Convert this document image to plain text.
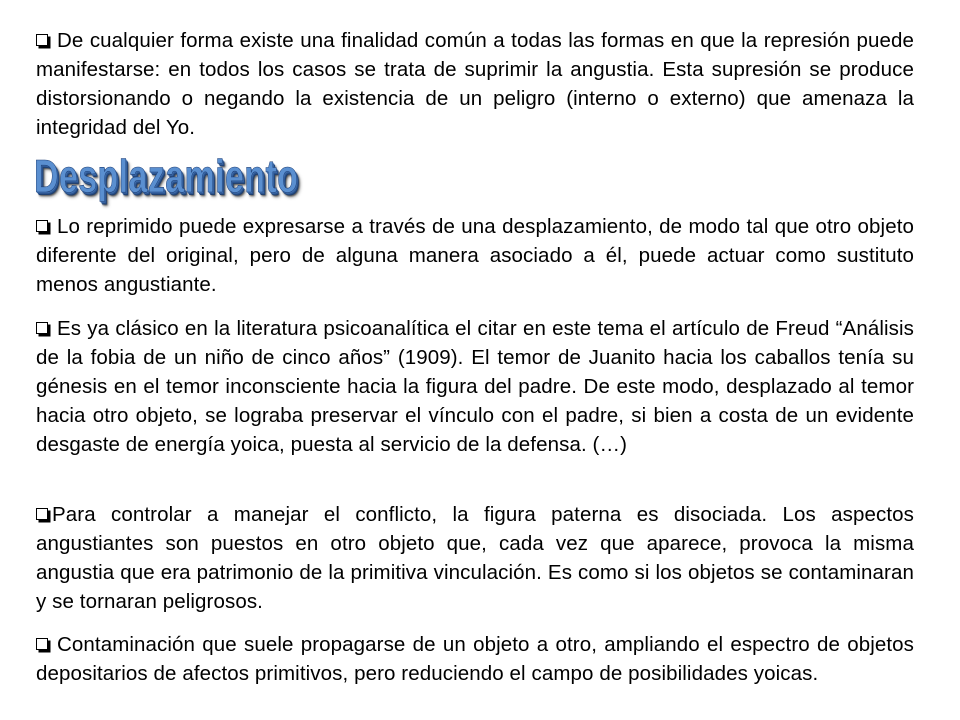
De cualquier forma existe una finalidad común a todas las formas en que la represión puede manifestarse: en todos los casos se trata de suprimir la angustia. Esta supresión se produce distorsionando o negando la existencia de un peligro (interno o externo) que amenaza la integridad del Yo.
Desplazamiento
Lo reprimido puede expresarse a través de una desplazamiento, de modo tal que otro objeto diferente del original, pero de alguna manera asociado a él, puede actuar como sustituto menos angustiante.
Es ya clásico en la literatura psicoanalítica el citar en este tema el artículo de Freud “Análisis de la fobia de un niño de cinco años” (1909). El temor de Juanito hacia los caballos tenía su génesis en el temor inconsciente hacia la figura del padre. De este modo, desplazado al temor hacia otro objeto, se lograba preservar el vínculo con el padre, si bien a costa de un evidente desgaste de energía yoica, puesta al servicio de la defensa. (…)
Para controlar a manejar el conflicto, la figura paterna es disociada. Los aspectos angustiantes son puestos en otro objeto que, cada vez que aparece, provoca la misma angustia que era patrimonio de la primitiva vinculación. Es como si los objetos se contaminaran y se tornaran peligrosos.
Contaminación que suele propagarse de un objeto a otro, ampliando el espectro de objetos depositarios de afectos primitivos, pero reduciendo el campo de posibilidades yoicas.
